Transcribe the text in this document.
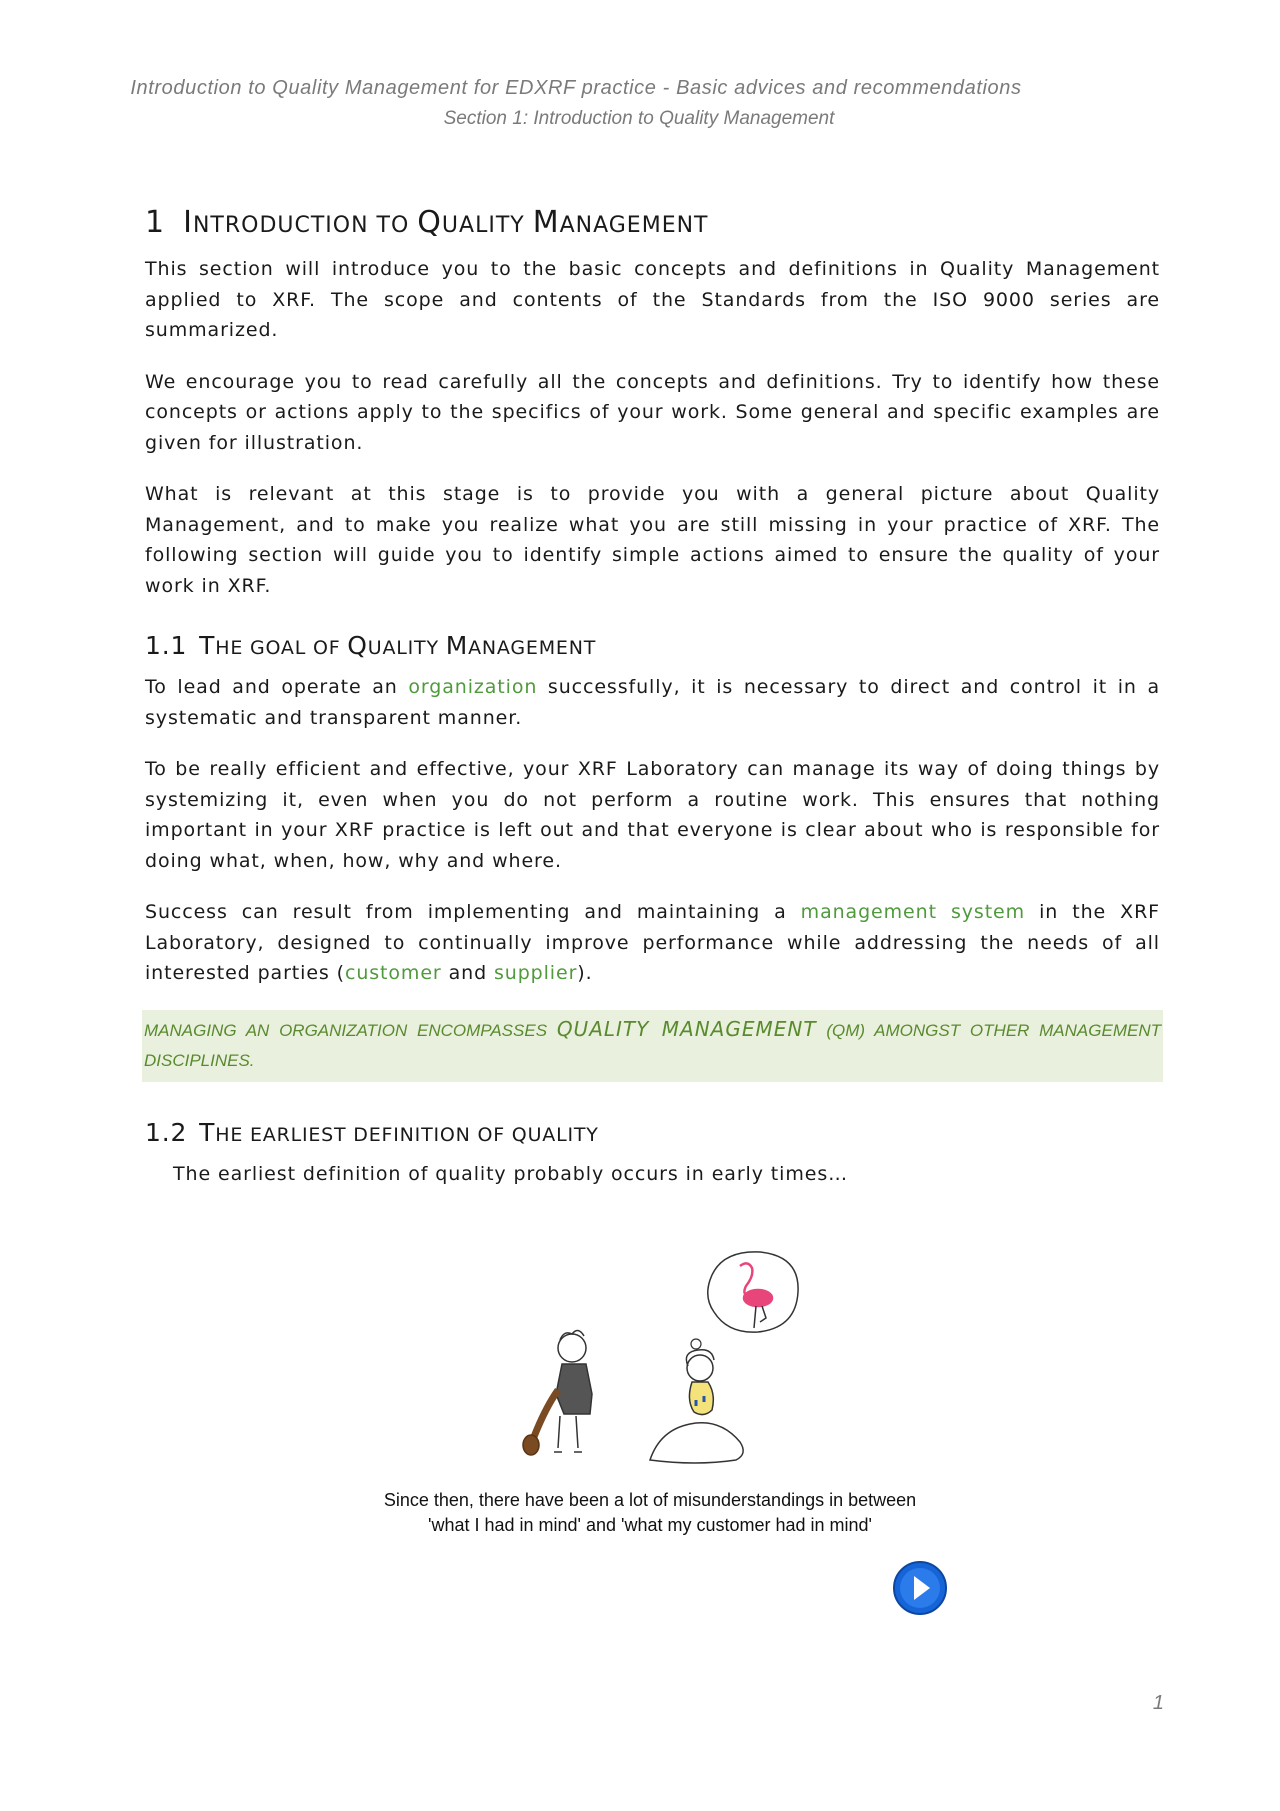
Introduction to Quality Management for EDXRF practice - Basic advices and recommendations
Section 1: Introduction to Quality Management
1 INTRODUCTION TO QUALITY MANAGEMENT

This section will introduce you to the basic concepts and definitions in Quality Management applied to XRF. The scope and contents of the Standards from the ISO 9000 series are summarized.

We encourage you to read carefully all the concepts and definitions. Try to identify how these concepts or actions apply to the specifics of your work. Some general and specific examples are given for illustration.

What is relevant at this stage is to provide you with a general picture about Quality Management, and to make you realize what you are still missing in your practice of XRF. The following section will guide you to identify simple actions aimed to ensure the quality of your work in XRF.

1.1 THE GOAL OF QUALITY MANAGEMENT

To lead and operate an organization successfully, it is necessary to direct and control it in a systematic and transparent manner.

To be really efficient and effective, your XRF Laboratory can manage its way of doing things by systemizing it, even when you do not perform a routine work. This ensures that nothing important in your XRF practice is left out and that everyone is clear about who is responsible for doing what, when, how, why and where.

Success can result from implementing and maintaining a management system in the XRF Laboratory, designed to continually improve performance while addressing the needs of all interested parties (customer and supplier).

MANAGING AN ORGANIZATION ENCOMPASSES QUALITY MANAGEMENT (QM) AMONGST OTHER MANAGEMENT DISCIPLINES.
1.2 THE EARLIEST DEFINITION OF QUALITY

The earliest definition of quality probably occurs in early times…

Since then, there have been a lot of misunderstandings in between
'what I had in mind' and 'what my customer had in mind'
1
